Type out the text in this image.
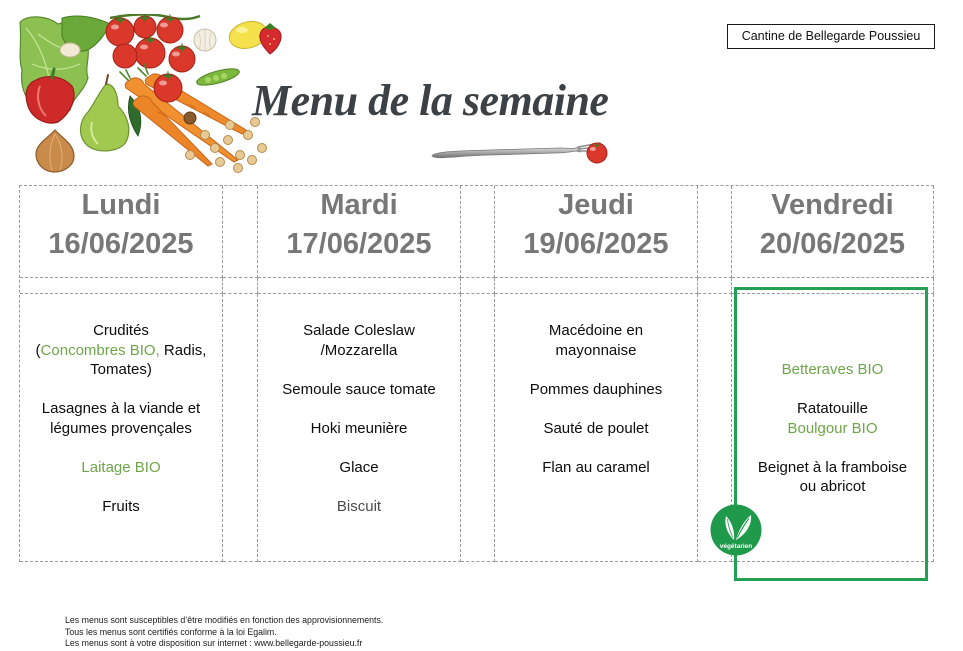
Menu de la semaine
Cantine de Bellegarde Poussieu
Lundi
16/06/2025
Mardi
17/06/2025
Jeudi
19/06/2025
Vendredi
20/06/2025
Crudités
(Concombres BIO, Radis,
Tomates)
Lasagnes à la viande et
légumes provençales
Laitage BIO
Fruits
Salade Coleslaw
/Mozzarella
Semoule sauce tomate
Hoki meunière
Glace
Biscuit
Macédoine en
mayonnaise
Pommes dauphines
Sauté de poulet
Flan au caramel
Betteraves BIO
Ratatouille
Boulgour BIO
Beignet à la framboise
ou abricot
végétarien
Les menus sont susceptibles d’être modifiés en fonction des approvisionnements.
Tous les menus sont certifiés conforme à la loi Egalim.
Les menus sont à votre disposition sur internet : www.bellegarde-poussieu.fr
